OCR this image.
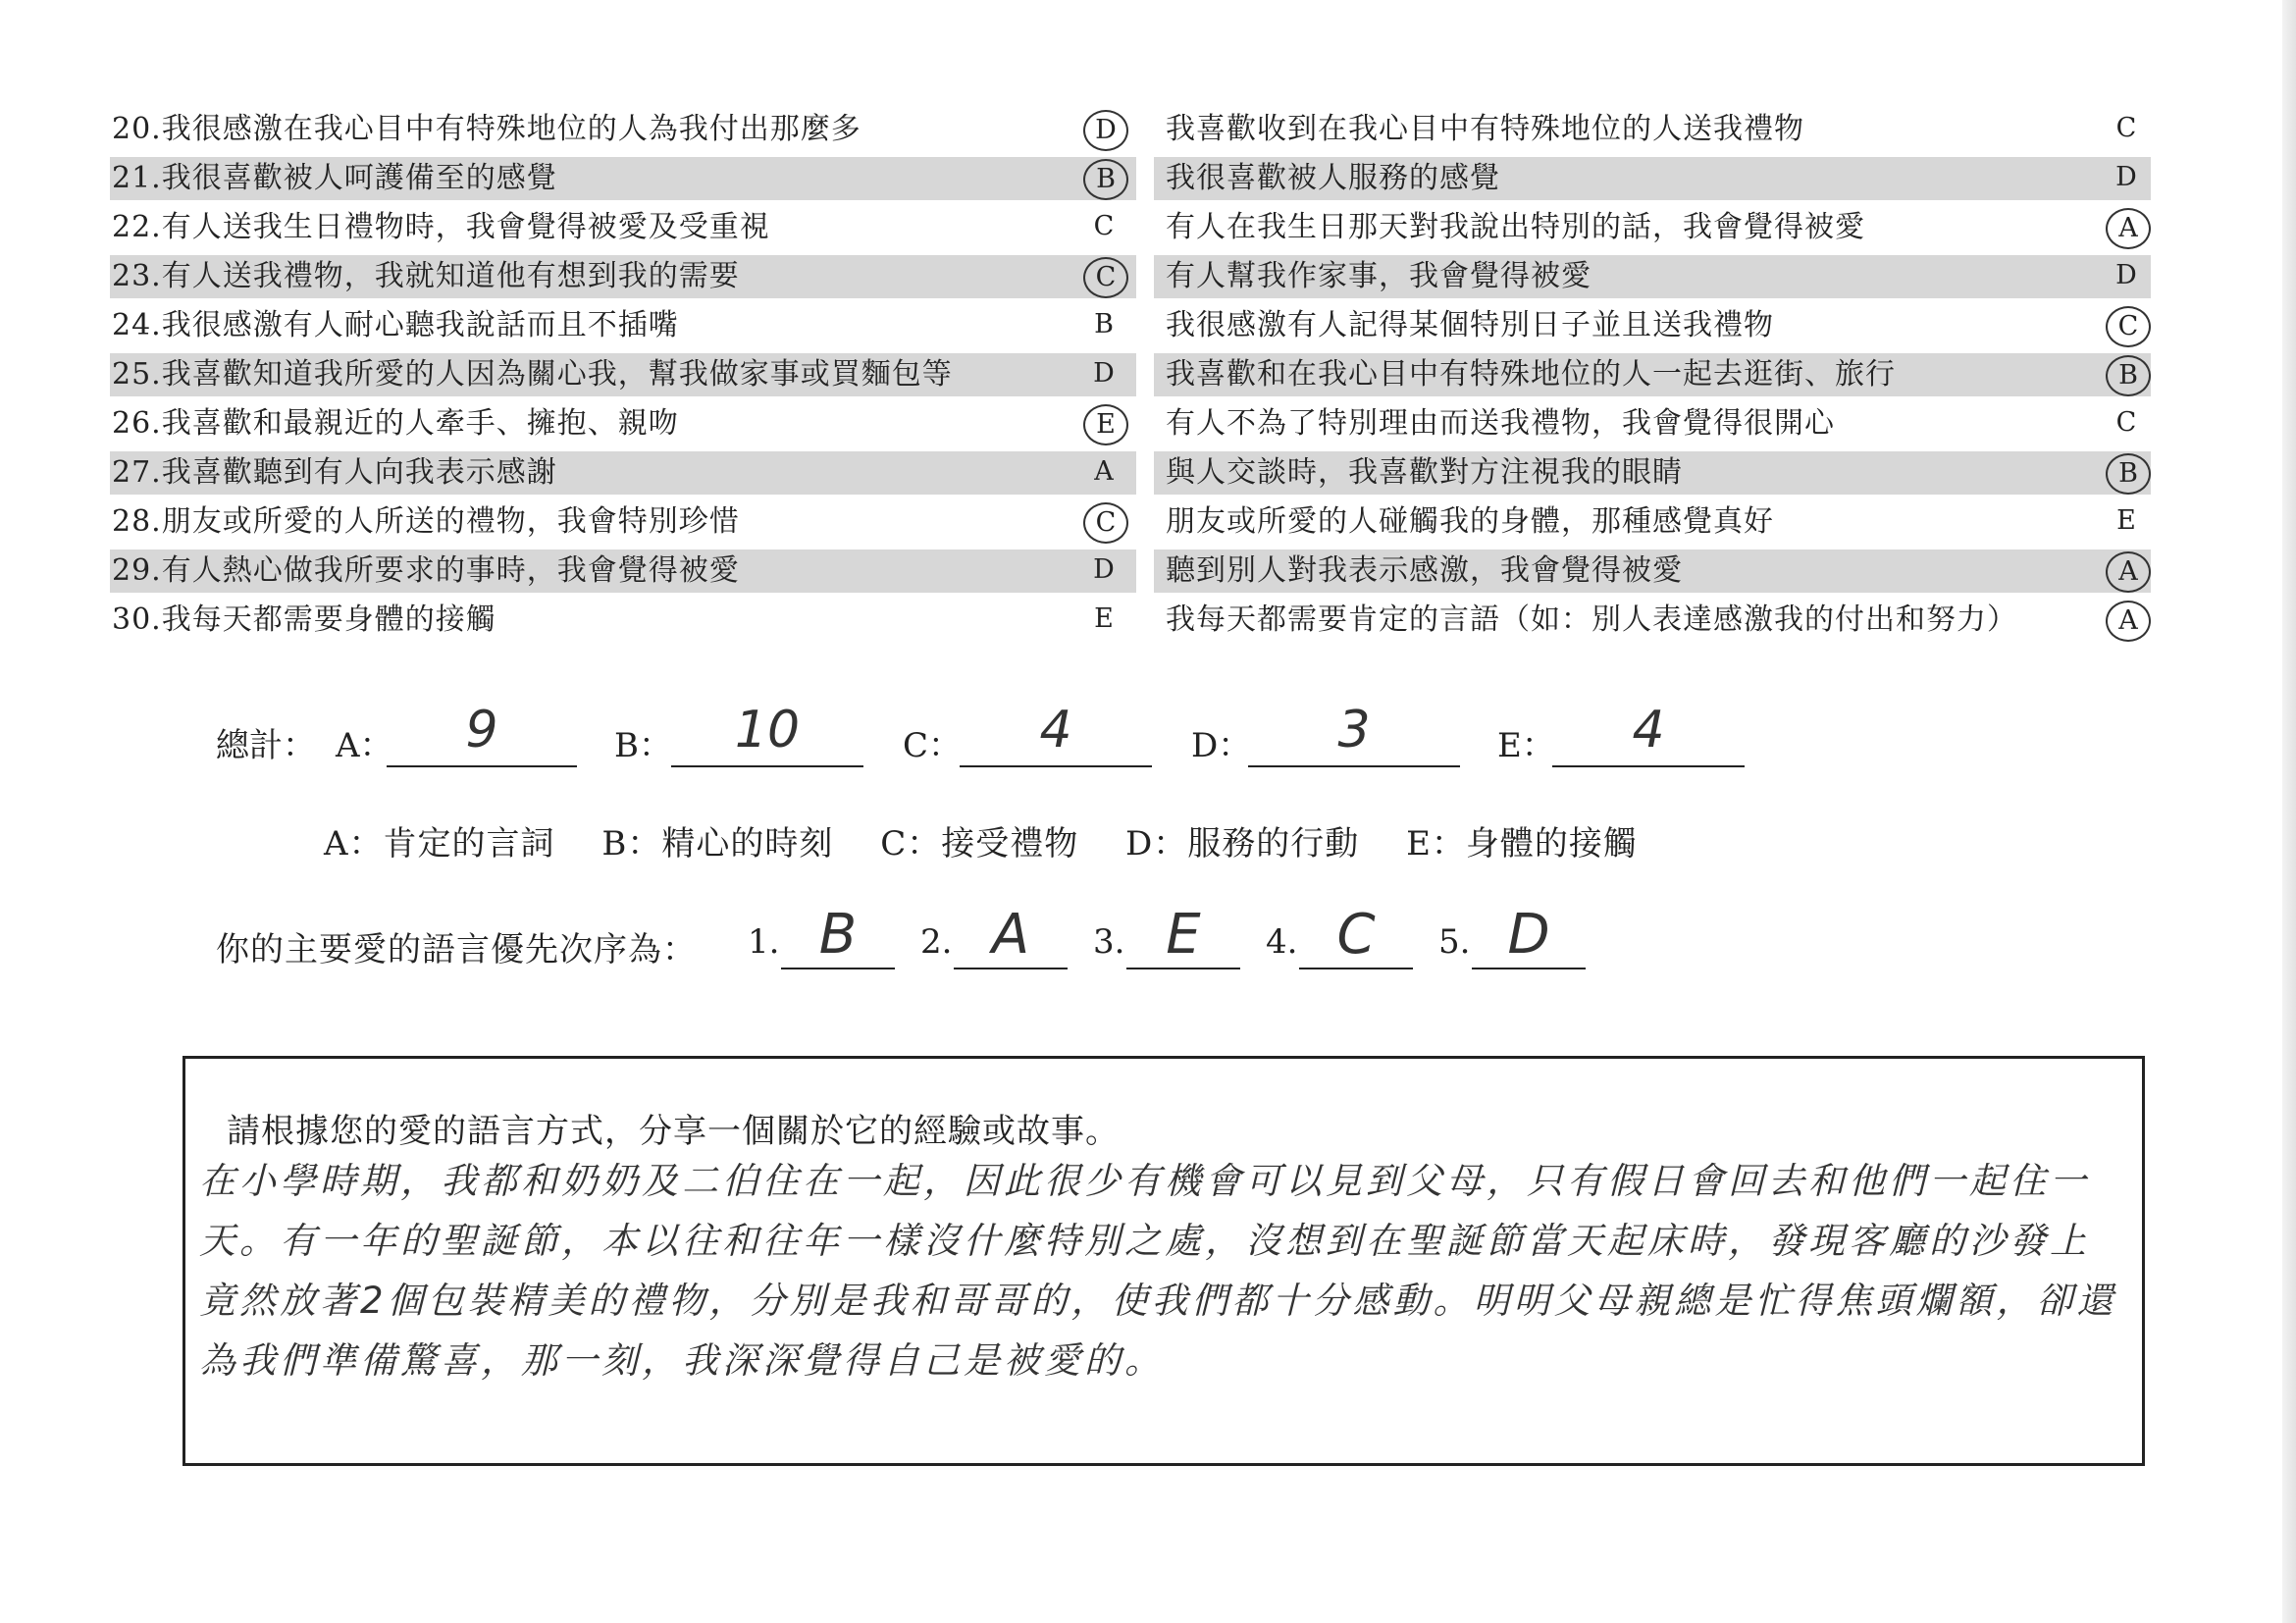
20.我很感激在我心目中有特殊地位的人為我付出那麼多	D	我喜歡收到在我心目中有特殊地位的人送我禮物	C
21.我很喜歡被人呵護備至的感覺	B	我很喜歡被人服務的感覺	D
22.有人送我生日禮物時，我會覺得被愛及受重視	C	有人在我生日那天對我說出特別的話，我會覺得被愛	A
23.有人送我禮物，我就知道他有想到我的需要	C	有人幫我作家事，我會覺得被愛	D
24.我很感激有人耐心聽我說話而且不插嘴	B	我很感激有人記得某個特別日子並且送我禮物	C
25.我喜歡知道我所愛的人因為關心我，幫我做家事或買麵包等	D	我喜歡和在我心目中有特殊地位的人一起去逛街、旅行	B
26.我喜歡和最親近的人牽手、擁抱、親吻	E	有人不為了特別理由而送我禮物，我會覺得很開心	C
27.我喜歡聽到有人向我表示感謝	A	與人交談時，我喜歡對方注視我的眼睛	B
28.朋友或所愛的人所送的禮物，我會特別珍惜	C	朋友或所愛的人碰觸我的身體，那種感覺真好	E
29.有人熱心做我所要求的事時，我會覺得被愛	D	聽到別人對我表示感激，我會覺得被愛	A
30.我每天都需要身體的接觸	E	我每天都需要肯定的言語（如：別人表達感激我的付出和努力）	A
總計： A：	9	B：	10	C：	4	D：	3	E：	4
A：肯定的言詞 B：精心的時刻 C：接受禮物 D：服務的行動 E：身體的接觸
你的主要愛的語言優先次序為： 1. B	2. A	3. E	4. C	5. D
請根據您的愛的語言方式，分享一個關於它的經驗或故事。
在小學時期，我都和奶奶及二伯住在一起，因此很少有機會可以見到父母，只有假日會回去和他們一起住一天。有一年的聖誕節，本以往和往年一樣沒什麼特別之處，沒想到在聖誕節當天起床時，發現客廳的沙發上竟然放著2個包裝精美的禮物，分別是我和哥哥的，使我們都十分感動。明明父母親總是忙得焦頭爛額，卻還為我們準備驚喜，那一刻，我深深覺得自己是被愛的。
